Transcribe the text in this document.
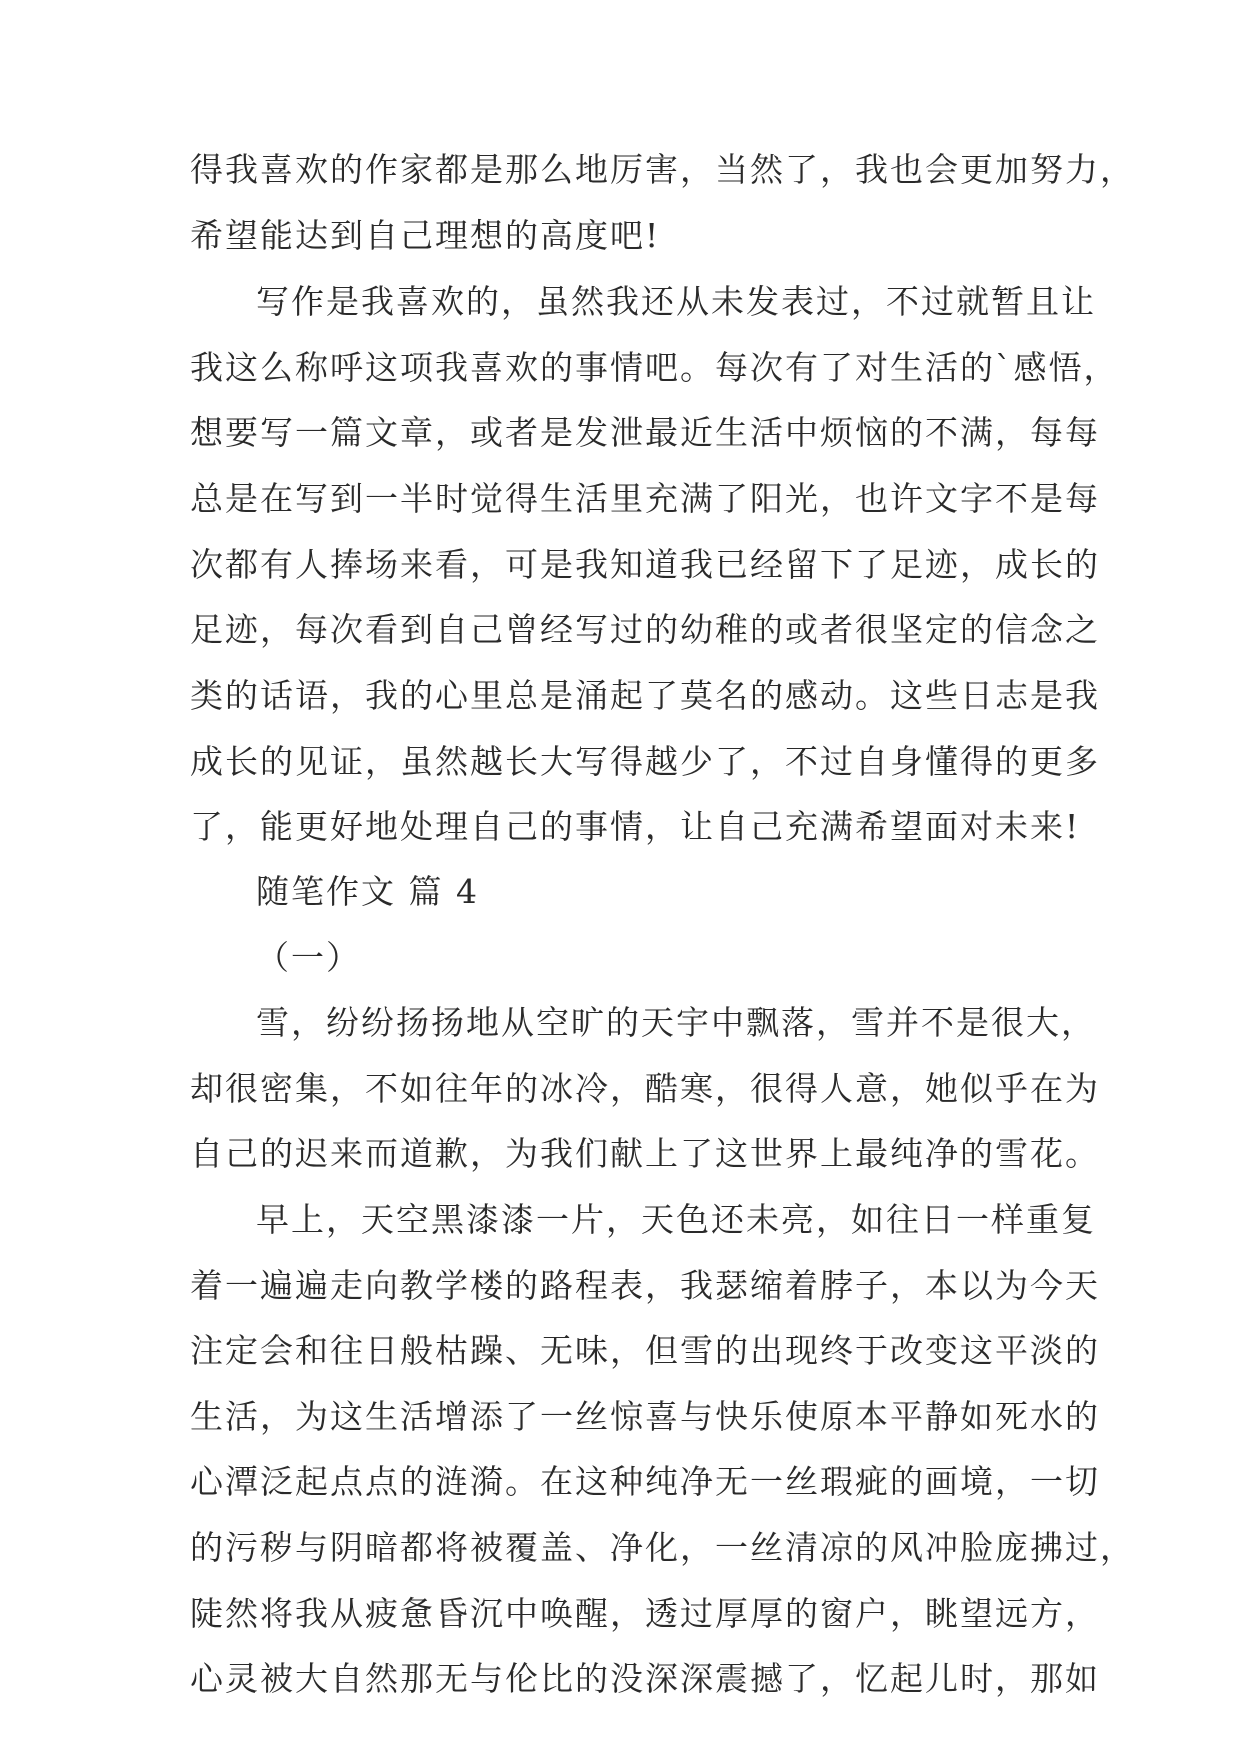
得我喜欢的作家都是那么地厉害，当然了，我也会更加努力，
希望能达到自己理想的高度吧!
写作是我喜欢的，虽然我还从未发表过，不过就暂且让
我这么称呼这项我喜欢的事情吧。每次有了对生活的`感悟，
想要写一篇文章，或者是发泄最近生活中烦恼的不满，每每
总是在写到一半时觉得生活里充满了阳光，也许文字不是每
次都有人捧场来看，可是我知道我已经留下了足迹，成长的
足迹，每次看到自己曾经写过的幼稚的或者很坚定的信念之
类的话语，我的心里总是涌起了莫名的感动。这些日志是我
成长的见证，虽然越长大写得越少了，不过自身懂得的更多
了，能更好地处理自己的事情，让自己充满希望面对未来!
随笔作文 篇 4
（一）
雪，纷纷扬扬地从空旷的天宇中飘落，雪并不是很大，
却很密集，不如往年的冰冷，酷寒，很得人意，她似乎在为
自己的迟来而道歉，为我们献上了这世界上最纯净的雪花。
早上，天空黑漆漆一片，天色还未亮，如往日一样重复
着一遍遍走向教学楼的路程表，我瑟缩着脖子，本以为今天
注定会和往日般枯躁、无味，但雪的出现终于改变这平淡的
生活，为这生活增添了一丝惊喜与快乐使原本平静如死水的
心潭泛起点点的涟漪。在这种纯净无一丝瑕疵的画境，一切
的污秽与阴暗都将被覆盖、净化，一丝清凉的风冲脸庞拂过，
陡然将我从疲惫昏沉中唤醒，透过厚厚的窗户，眺望远方，
心灵被大自然那无与伦比的没深深震撼了，忆起儿时，那如
